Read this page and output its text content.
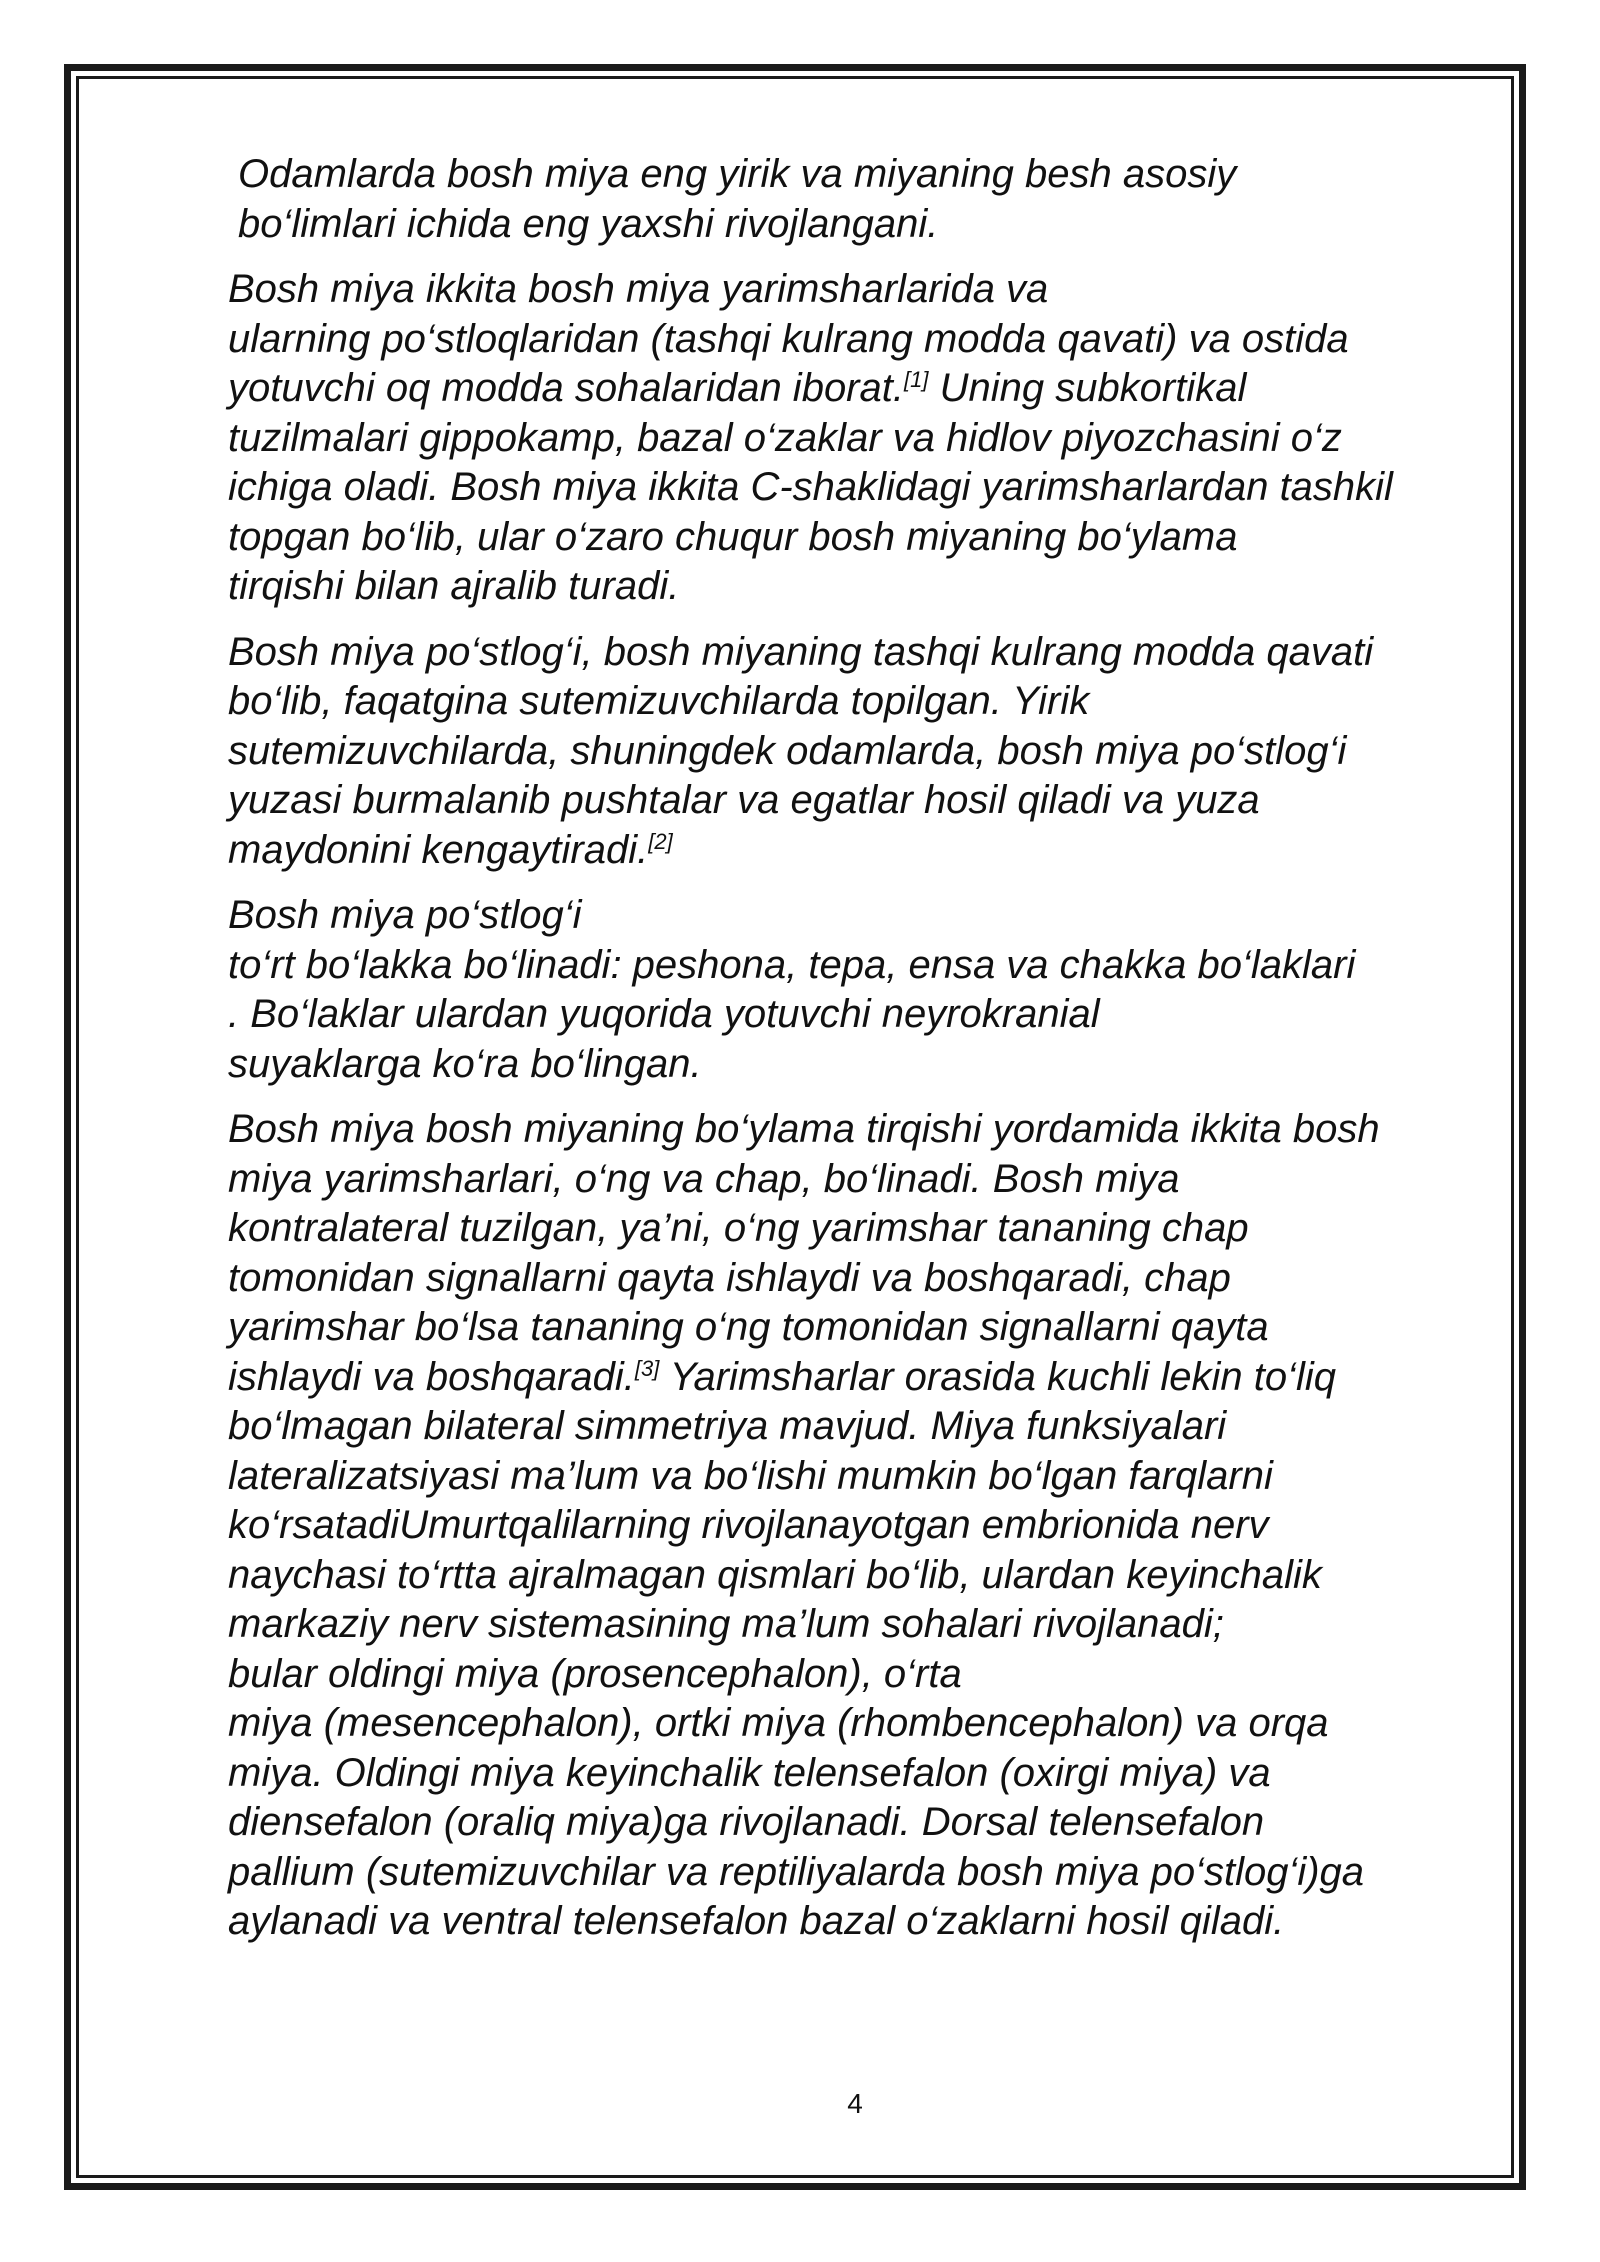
Odamlarda bosh miya eng yirik va miyaning besh asosiy
bo‘limlari ichida eng yaxshi rivojlangani.

Bosh miya ikkita bosh miya yarimsharlarida va
ularning po‘stloqlaridan (tashqi kulrang modda qavati) va ostida
yotuvchi oq modda sohalaridan iborat.[1] Uning subkortikal
tuzilmalari gippokamp, bazal o‘zaklar va hidlov piyozchasini o‘z
ichiga oladi. Bosh miya ikkita C-shaklidagi yarimsharlardan tashkil
topgan bo‘lib, ular o‘zaro chuqur bosh miyaning bo‘ylama
tirqishi bilan ajralib turadi.

Bosh miya po‘stlog‘i, bosh miyaning tashqi kulrang modda qavati
bo‘lib, faqatgina sutemizuvchilarda topilgan. Yirik
sutemizuvchilarda, shuningdek odamlarda, bosh miya po‘stlog‘i
yuzasi burmalanib pushtalar va egatlar hosil qiladi va yuza
maydonini kengaytiradi.[2]

Bosh miya po‘stlog‘i
to‘rt bo‘lakka bo‘linadi: peshona, tepa, ensa va chakka bo‘laklari
. Bo‘laklar ulardan yuqorida yotuvchi neyrokranial
suyaklarga ko‘ra bo‘lingan.

Bosh miya bosh miyaning bo‘ylama tirqishi yordamida ikkita bosh
miya yarimsharlari, o‘ng va chap, bo‘linadi. Bosh miya
kontralateral tuzilgan, ya’ni, o‘ng yarimshar tananing chap
tomonidan signallarni qayta ishlaydi va boshqaradi, chap
yarimshar bo‘lsa tananing o‘ng tomonidan signallarni qayta
ishlaydi va boshqaradi.[3] Yarimsharlar orasida kuchli lekin to‘liq
bo‘lmagan bilateral simmetriya mavjud. Miya funksiyalari
lateralizatsiyasi ma’lum va bo‘lishi mumkin bo‘lgan farqlarni
ko‘rsatadiUmurtqalilarning rivojlanayotgan embrionida nerv
naychasi to‘rtta ajralmagan qismlari bo‘lib, ulardan keyinchalik
markaziy nerv sistemasining ma’lum sohalari rivojlanadi;
bular oldingi miya (prosencephalon), o‘rta
miya (mesencephalon), ortki miya (rhombencephalon) va orqa
miya. Oldingi miya keyinchalik telensefalon (oxirgi miya) va
diensefalon (oraliq miya)ga rivojlanadi. Dorsal telensefalon
pallium (sutemizuvchilar va reptiliyalarda bosh miya po‘stlog‘i)ga
aylanadi va ventral telensefalon bazal o‘zaklarni hosil qiladi.

4
